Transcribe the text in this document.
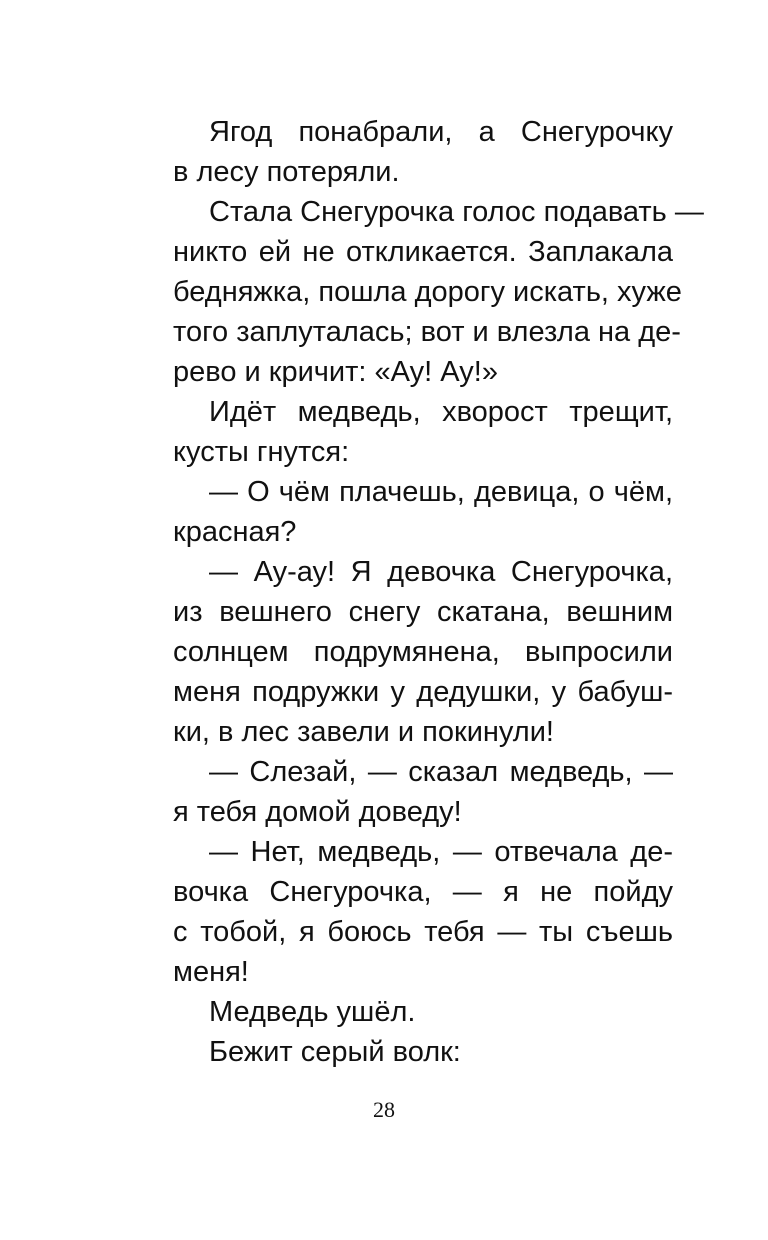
Ягод понабрали, а Снегурочку
в лесу потеряли.
Стала Снегурочка голос подавать —
никто ей не откликается. Заплакала
бедняжка, пошла дорогу искать, хуже
того заплуталась; вот и влезла на де-
рево и кричит: «Ау! Ау!»
Идёт медведь, хворост трещит,
кусты гнутся:
— О чём плачешь, девица, о чём,
красная?
— Ау-ау! Я девочка Снегурочка,
из вешнего снегу скатана, вешним
солнцем подрумянена, выпросили
меня подружки у дедушки, у бабуш-
ки, в лес завели и покинули!
— Слезай, — сказал медведь, —
я тебя домой доведу!
— Нет, медведь, — отвечала де-
вочка Снегурочка, — я не пойду
с тобой, я боюсь тебя — ты съешь
меня!
Медведь ушёл.
Бежит серый волк:
28
